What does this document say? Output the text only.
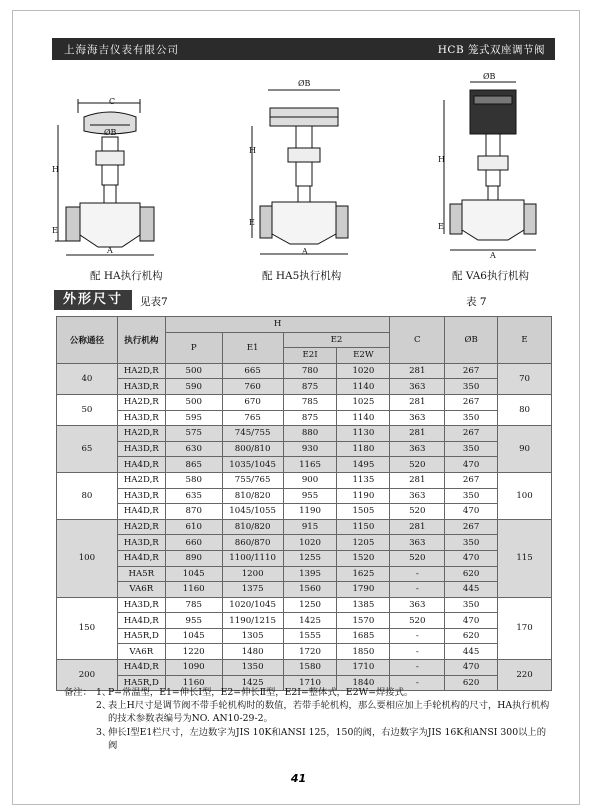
上海海吉仪表有限公司	HCB 笼式双座调节阀
C
ØB
H
E
A
配 HA执行机构
ØB
H
E
A
配 HA5执行机构
ØB
H
E
A
配 VA6执行机构
外形尺寸	见表7	表 7
公称通径	执行机构	H				C	ØB	E
		P	E1	E2				
				E2I	E2W			
40	HA2D,R	500	665	780	1020	281	267	70
	HA3D,R	590	760	875	1140	363	350	
50	HA2D,R	500	670	785	1025	281	267	80
	HA3D,R	595	765	875	1140	363	350	
65	HA2D,R	575	745/755	880	1130	281	267	90
	HA3D,R	630	800/810	930	1180	363	350	
	HA4D,R	865	1035/1045	1165	1495	520	470	
80	HA2D,R	580	755/765	900	1135	281	267	100
	HA3D,R	635	810/820	955	1190	363	350	
	HA4D,R	870	1045/1055	1190	1505	520	470	
100	HA2D,R	610	810/820	915	1150	281	267	115
	HA3D,R	660	860/870	1020	1205	363	350	
	HA4D,R	890	1100/1110	1255	1520	520	470	
	HA5R	1045	1200	1395	1625	-	620	
	VA6R	1160	1375	1560	1790	-	445	
150	HA3D,R	785	1020/1045	1250	1385	363	350	170
	HA4D,R	955	1190/1215	1425	1570	520	470	
	HA5R,D	1045	1305	1555	1685	-	620	
	VA6R	1220	1480	1720	1850	-	445	
200	HA4D,R	1090	1350	1580	1710	-	470	220
	HA5R,D	1160	1425	1710	1840	-	620	
备注： 1、
P=常温型，E1=伸长Ⅰ型，E2=伸长Ⅱ型，E2I=整体式，E2W=焊接式。
2、
表上H尺寸是调节阀不带手轮机构时的数值，若带手轮机构，那么要相应加上手轮机构的尺寸，HA执行机构的技术参数表编号为NO. AN10-29-2。
3、
伸长Ⅰ型E1栏尺寸，左边数字为JIS 10K和ANSI 125，150的阀，右边数字为JIS 16K和ANSI 300以上的阀
41
